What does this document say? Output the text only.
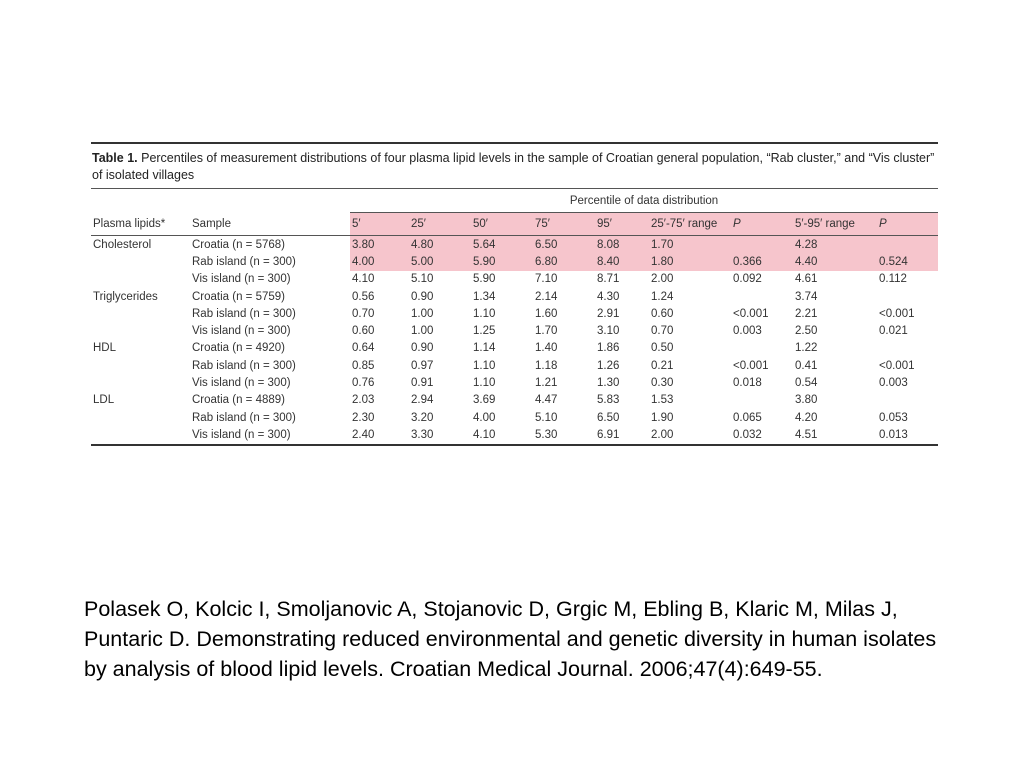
Table 1. Percentiles of measurement distributions of four plasma lipid levels in the sample of Croatian general population, “Rab cluster,” and “Vis cluster” of isolated villages
		Percentile of data distribution									
Plasma lipids*	Sample	5′	25′	50′	75′	95′	25′-75′ range	P	5′-95′ range	P	
Cholesterol	Croatia (n = 5768)	3.80	4.80	5.64	6.50	8.08	1.70		4.28		
	Rab island (n = 300)	4.00	5.00	5.90	6.80	8.40	1.80	0.366	4.40	0.524	
	Vis island (n = 300)	4.10	5.10	5.90	7.10	8.71	2.00	0.092	4.61	0.112	
Triglycerides	Croatia (n = 5759)	0.56	0.90	1.34	2.14	4.30	1.24		3.74		
	Rab island (n = 300)	0.70	1.00	1.10	1.60	2.91	0.60	<0.001	2.21	<0.001	
	Vis island (n = 300)	0.60	1.00	1.25	1.70	3.10	0.70	0.003	2.50	0.021	
HDL	Croatia (n = 4920)	0.64	0.90	1.14	1.40	1.86	0.50		1.22		
	Rab island (n = 300)	0.85	0.97	1.10	1.18	1.26	0.21	<0.001	0.41	<0.001	
	Vis island (n = 300)	0.76	0.91	1.10	1.21	1.30	0.30	0.018	0.54	0.003	
LDL	Croatia (n = 4889)	2.03	2.94	3.69	4.47	5.83	1.53		3.80		
	Rab island (n = 300)	2.30	3.20	4.00	5.10	6.50	1.90	0.065	4.20	0.053	
	Vis island (n = 300)	2.40	3.30	4.10	5.30	6.91	2.00	0.032	4.51	0.013	
Polasek O, Kolcic I, Smoljanovic A, Stojanovic D, Grgic M, Ebling B, Klaric M, Milas J, Puntaric D. Demonstrating reduced environmental and genetic diversity in human isolates by analysis of blood lipid levels. Croatian Medical Journal. 2006;47(4):649-55.
